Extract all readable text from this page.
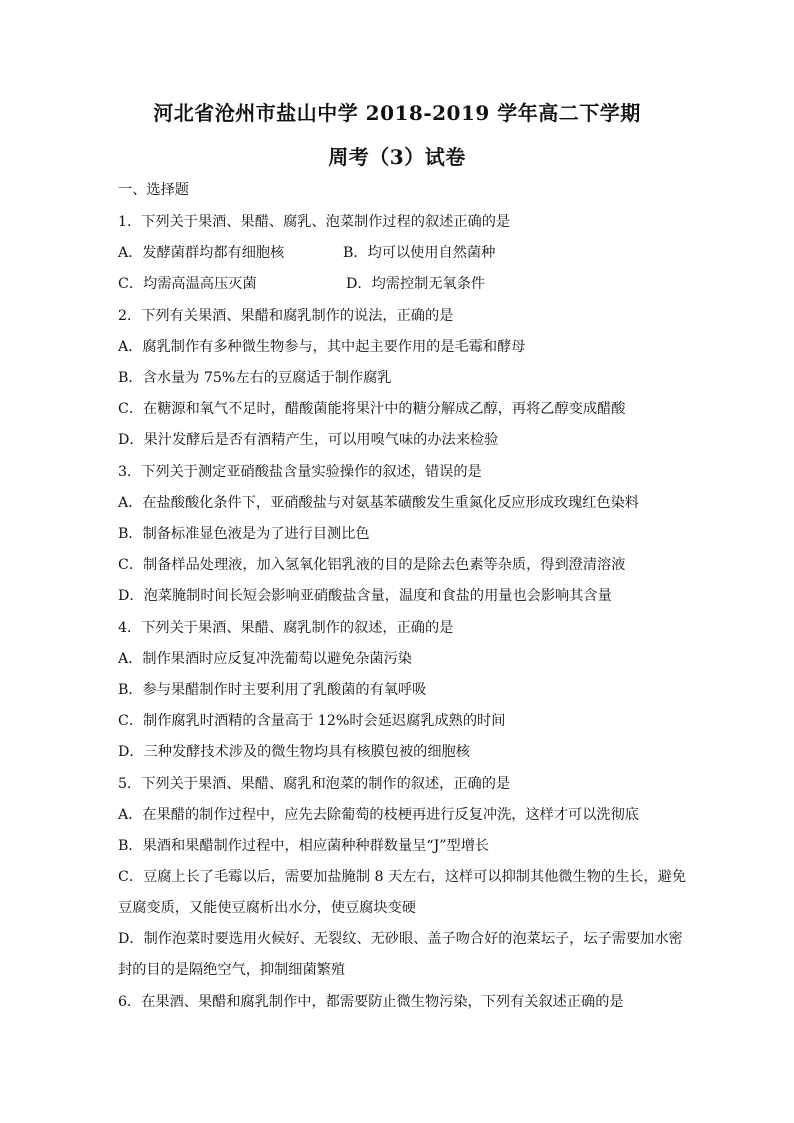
河北省沧州市盐山中学 2018-2019 学年高二下学期
周考（3）试卷
一、选择题
1．下列关于果酒、果醋、腐乳、泡菜制作过程的叙述正确的是
A．发酵菌群均都有细胞核	B．均可以使用自然菌种
C．均需高温高压灭菌	D．均需控制无氧条件
2．下列有关果酒、果醋和腐乳制作的说法，正确的是
A．腐乳制作有多种微生物参与，其中起主要作用的是毛霉和酵母
B．含水量为 75%左右的豆腐适于制作腐乳
C．在糖源和氧气不足时，醋酸菌能将果汁中的糖分解成乙醇，再将乙醇变成醋酸
D．果汁发酵后是否有酒精产生，可以用嗅气味的办法来检验
3．下列关于测定亚硝酸盐含量实验操作的叙述，错误的是
A．在盐酸酸化条件下，亚硝酸盐与对氨基苯磺酸发生重氮化反应形成玫瑰红色染料
B．制备标准显色液是为了进行目测比色
C．制备样品处理液，加入氢氧化铝乳液的目的是除去色素等杂质，得到澄清溶液
D．泡菜腌制时间长短会影响亚硝酸盐含量，温度和食盐的用量也会影响其含量
4．下列关于果酒、果醋、腐乳制作的叙述，正确的是
A．制作果酒时应反复冲洗葡萄以避免杂菌污染
B．参与果醋制作时主要利用了乳酸菌的有氧呼吸
C．制作腐乳时酒精的含量高于 12%时会延迟腐乳成熟的时间
D．三种发酵技术涉及的微生物均具有核膜包被的细胞核
5．下列关于果酒、果醋、腐乳和泡菜的制作的叙述，正确的是
A．在果醋的制作过程中，应先去除葡萄的枝梗再进行反复冲洗，这样才可以洗彻底
B．果酒和果醋制作过程中，相应菌种种群数量呈“J”型增长
C．豆腐上长了毛霉以后，需要加盐腌制 8 天左右，这样可以抑制其他微生物的生长，避免
豆腐变质，又能使豆腐析出水分，使豆腐块变硬
D．制作泡菜时要选用火候好、无裂纹、无砂眼、盖子吻合好的泡菜坛子，坛子需要加水密
封的目的是隔绝空气，抑制细菌繁殖
6．在果酒、果醋和腐乳制作中，都需要防止微生物污染，下列有关叙述正确的是
